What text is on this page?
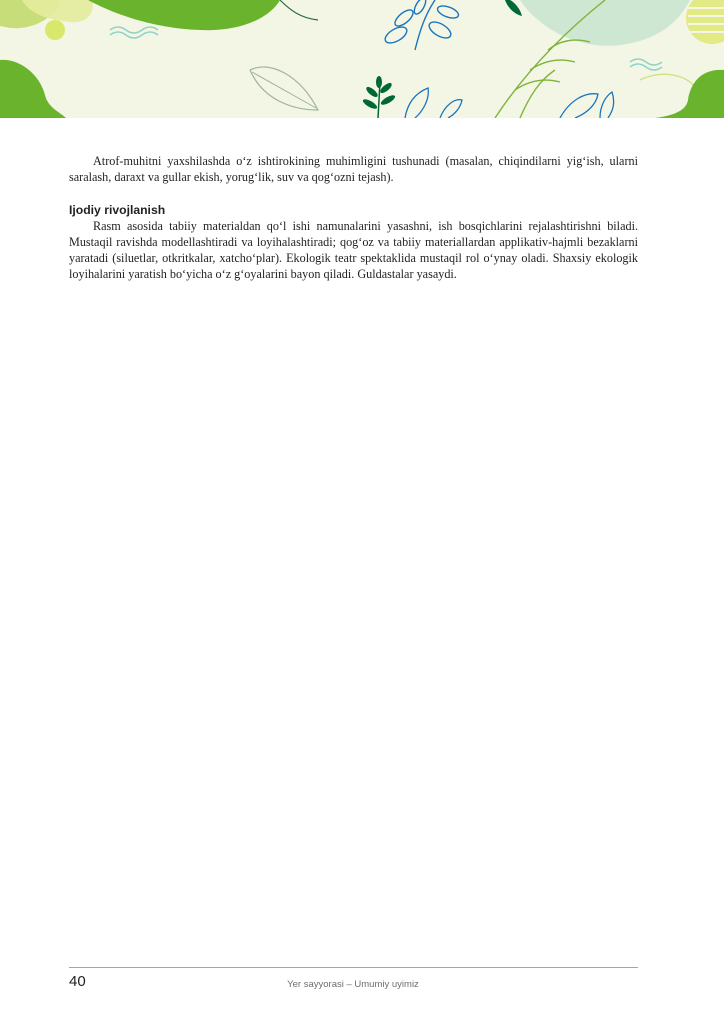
Atrof-muhitni yaxshilashda o‘z ishtirokining muhimligini tushunadi (masalan, chiqindilarni yig‘ish, ularni saralash, daraxt va gullar ekish, yorug‘lik, suv va qog‘ozni tejash).

Ijodiy rivojlanish

Rasm asosida tabiiy materialdan qo‘l ishi namunalarini yasashni, ish bosqichlarini rejalashtirishni biladi. Mustaqil ravishda modellashtiradi va loyihalashtiradi; qog‘oz va tabiiy materiallardan applikativ-hajmli bezaklarni yaratadi (siluetlar, otkritkalar, xatcho‘plar). Ekologik teatr spektaklida mustaqil rol o‘ynay oladi. Shaxsiy ekologik loyihalarini yaratish bo‘yicha o‘z g‘oyalarini bayon qiladi. Guldastalar yasaydi.

40	Yer sayyorasi – Umumiy uyimiz
